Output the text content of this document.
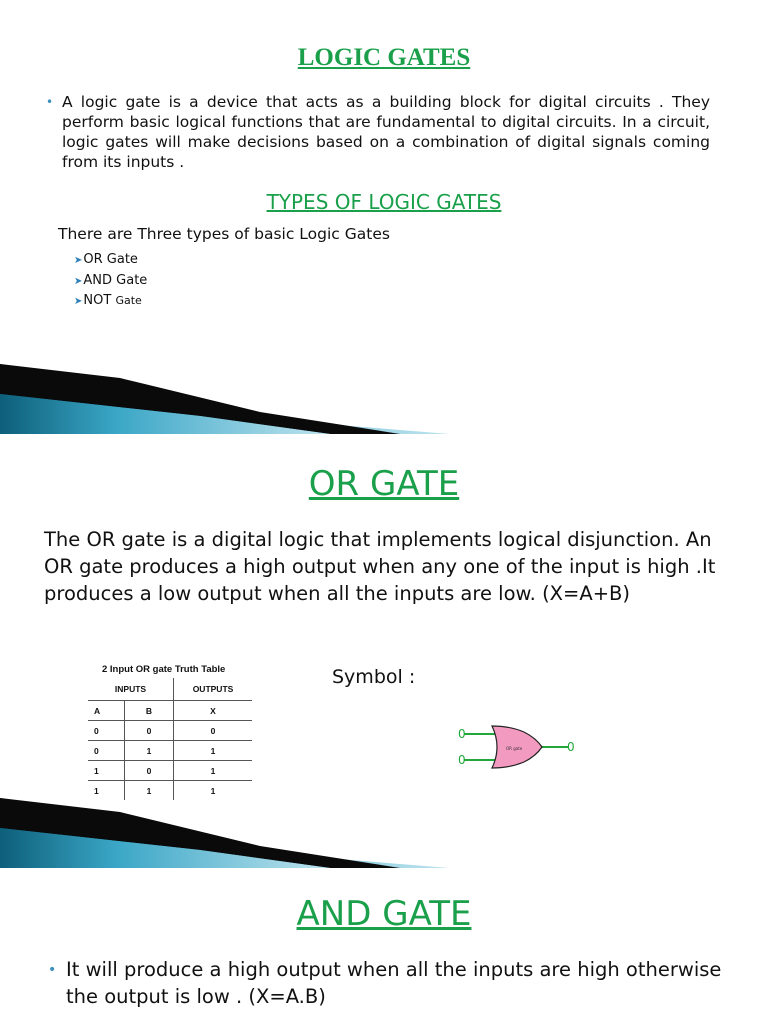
LOGIC GATES

• A logic gate is a device that acts as a building block for digital circuits . They perform basic logical functions that are fundamental to digital circuits. In a circuit, logic gates will make decisions based on a combination of digital signals coming from its inputs .

TYPES OF LOGIC GATES

There are Three types of basic Logic Gates

➤OR Gate
➤AND Gate
➤NOT Gate
OR GATE

The OR gate is a digital logic that implements logical disjunction. An OR gate produces a high output when any one of the input is high .It produces a low output when all the inputs are low. (X=A+B)

2 Input OR gate Truth Table
INPUTS		OUTPUTS
A	B	X
0	0	0
0	1	1
1	0	1
1	1	1
Symbol :
0
0
0
OR gate
AND GATE

• It will produce a high output when all the inputs are high otherwise the output is low . (X=A.B)
